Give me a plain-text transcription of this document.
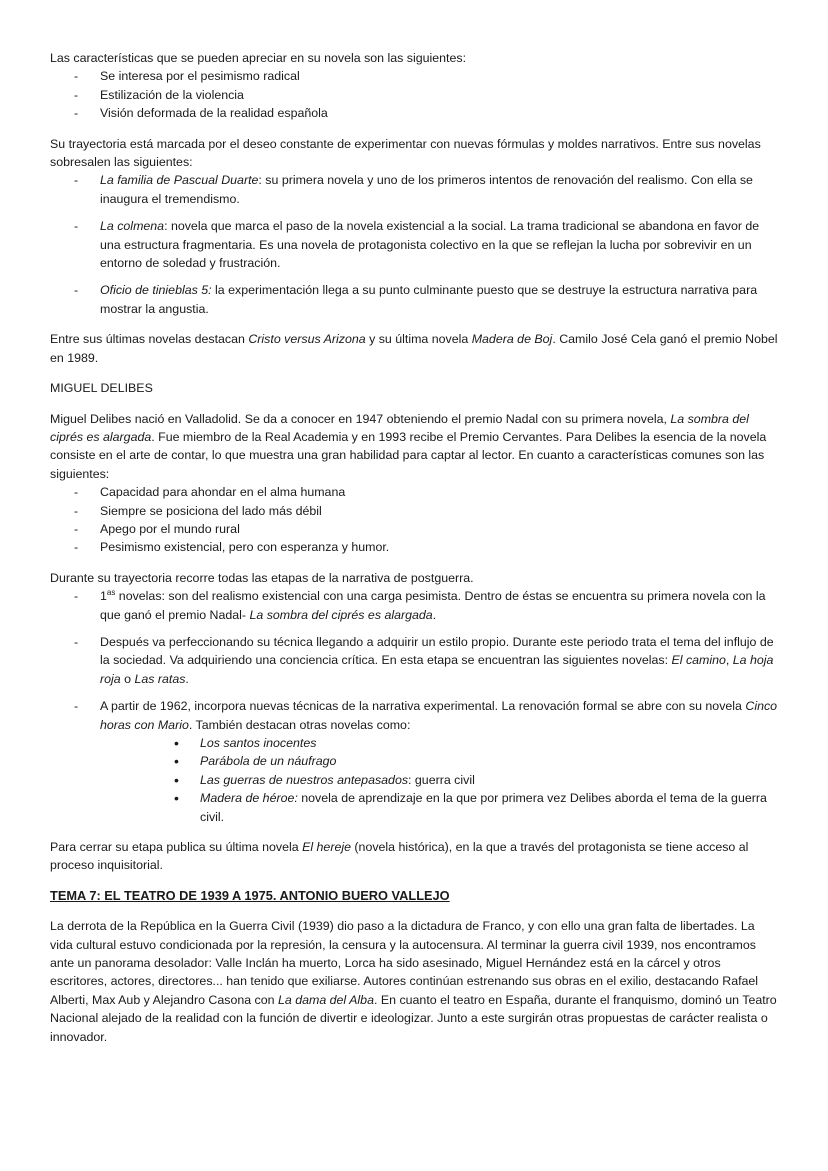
Las características que se pueden apreciar en su novela son las siguientes:

- Se interesa por el pesimismo radical
- Estilización de la violencia
- Visión deformada de la realidad española

Su trayectoria está marcada por el deseo constante de experimentar con nuevas fórmulas y moldes narrativos. Entre sus novelas sobresalen las siguientes:

- La familia de Pascual Duarte: su primera novela y uno de los primeros intentos de renovación del realismo. Con ella se inaugura el tremendismo.
- La colmena: novela que marca el paso de la novela existencial a la social. La trama tradicional se abandona en favor de una estructura fragmentaria. Es una novela de protagonista colectivo en la que se reflejan la lucha por sobrevivir en un entorno de soledad y frustración.
- Oficio de tinieblas 5: la experimentación llega a su punto culminante puesto que se destruye la estructura narrativa para mostrar la angustia.

Entre sus últimas novelas destacan Cristo versus Arizona y su última novela Madera de Boj. Camilo José Cela ganó el premio Nobel en 1989.

MIGUEL DELIBES

Miguel Delibes nació en Valladolid. Se da a conocer en 1947 obteniendo el premio Nadal con su primera novela, La sombra del ciprés es alargada. Fue miembro de la Real Academia y en 1993 recibe el Premio Cervantes. Para Delibes la esencia de la novela consiste en el arte de contar, lo que muestra una gran habilidad para captar al lector. En cuanto a características comunes son las siguientes:

- Capacidad para ahondar en el alma humana
- Siempre se posiciona del lado más débil
- Apego por el mundo rural
- Pesimismo existencial, pero con esperanza y humor.

Durante su trayectoria recorre todas las etapas de la narrativa de postguerra.

- $1^{as}$ novelas: son del realismo existencial con una carga pesimista. Dentro de éstas se encuentra su primera novela con la que ganó el premio Nadal- La sombra del ciprés es alargada.
- Después va perfeccionando su técnica llegando a adquirir un estilo propio. Durante este periodo trata el tema del influjo de la sociedad. Va adquiriendo una conciencia crítica. En esta etapa se encuentran las siguientes novelas: El camino, La hoja roja o Las ratas.
- A partir de 1962, incorpora nuevas técnicas de la narrativa experimental. La renovación formal se abre con su novela Cinco horas con Mario. También destacan otras novelas como:
• Los santos inocentes
• Parábola de un náufrago
• Las guerras de nuestros antepasados: guerra civil
• Madera de héroe: novela de aprendizaje en la que por primera vez Delibes aborda el tema de la guerra civil.

Para cerrar su etapa publica su última novela El hereje (novela histórica), en la que a través del protagonista se tiene acceso al proceso inquisitorial.

TEMA 7: EL TEATRO DE 1939 A 1975. ANTONIO BUERO VALLEJO

La derrota de la República en la Guerra Civil (1939) dio paso a la dictadura de Franco, y con ello una gran falta de libertades. La vida cultural estuvo condicionada por la represión, la censura y la autocensura. Al terminar la guerra civil 1939, nos encontramos ante un panorama desolador: Valle Inclán ha muerto, Lorca ha sido asesinado, Miguel Hernández está en la cárcel y otros escritores, actores, directores... han tenido que exiliarse. Autores continúan estrenando sus obras en el exilio, destacando Rafael Alberti, Max Aub y Alejandro Casona con La dama del Alba. En cuanto el teatro en España, durante el franquismo, dominó un Teatro Nacional alejado de la realidad con la función de divertir e ideologizar. Junto a este surgirán otras propuestas de carácter realista o innovador.
